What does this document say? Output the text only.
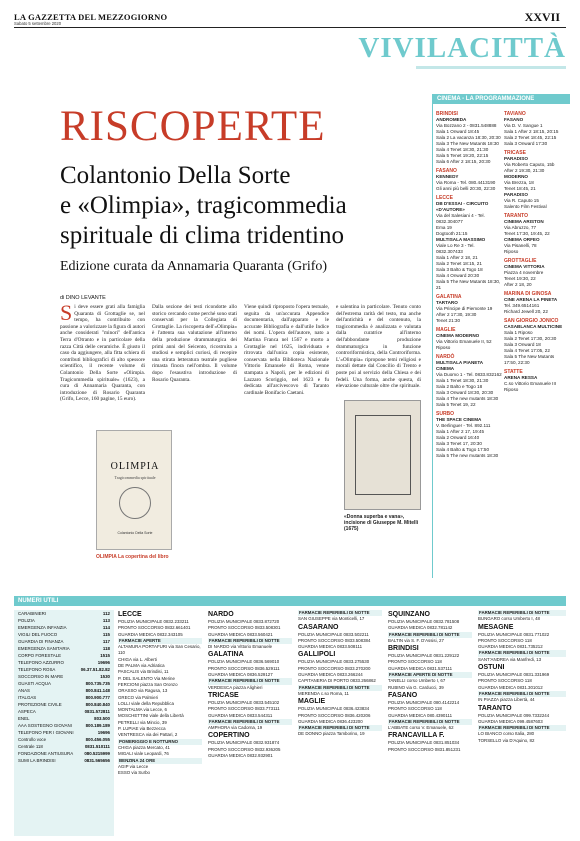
LA GAZZETTA DEL MEZZOGIORNO
Sabato 5 settembre 2020	XXVII
VIVILACITTÀ
RISCOPERTE
Colantonio Della Sorte
e «Olimpia», tragicommedia
spirituale di clima tridentino
Edizione curata da Annamaria Quaranta (Grifo)
di DINO LEVANTE
Si deve essere grati alla famiglia Quaranta di Grottaglie se, nel tempo, ha contribuito con passione a valorizzare la figura di autori anche considerati "minori" dell'antica Terra d'Otranto e in particolare della razza Città delle ceramiche. È giusto il caso da aggiungere, alla fitta schiera di contributi bibliografici di alto spessore scientifico, il recente volume di Colantonio Della Sorte «Olimpia. Tragicommedia spirituale» (1623), a cura di Annamaria Quaranta, con introduzione di Rosario Quaranta (Grifo, Lecce, 160 pagine, 15 euro).
Dalla sezione dei testi ricondotte allo storico cercando come perché sono stati conservati per la Collegiata di Grottaglie. La riscoperta dell'«Olimpia» è l'attenta sua valutazione all'interno della produzione drammaturgica dei primi anni del Seicento, ricostruita a studiosi e semplici curiosi, di recepire una stirata letteratura teatrale pugliese rimasta finora nell'ombra. Il volume dopo l'esaustiva introduzione di Rosario Quaranta.
Viene quindi riproposto l'opera testuale, seguita da un'accurata Appendice documentaria, dall'apparato e le accurate Bibliografia e dall'utile Indice dei nomi. L'opera dell'autore, nato a Martina Franca nel 1567 e morto a Grottaglie nel 1625, individuata e ritrovata dall'unica copia esistente, conservata nella Biblioteca Nazionale Vittorio Emanuele di Roma, venne stampata a Napoli, per le edizioni di Lazzaro Scoriggio, nel 1623 e fu dedicata all'arcivescovo di Taranto cardinale Bonifacio Caetani.
e salentina in particolare. Tenuto conto dell'estrema rarità del testo, ma anche dell'antichità e del contenuto, la tragicommedia è analizzata e valutata dalla curatrice all'interno dell'abbondante produzione drammaturgica in funzione controriformistica, della Controriforma. L'«Olimpia» ripropone temi religiosi e morali dettate dal Concilio di Trento e poste poi al servizio della Chiesa e dei fedeli. Una forma, anche questa, di elevazione culturale oltre che spirituale.
OLIMPIA
Tragicommedia spirituale
Colantonio Della Sorte
OLIMPIA La copertina del libro
«Donna superba e vana», incisione di Giuseppe M. Mitelli (1675)
CINEMA - LA PROGRAMMAZIONE
BRINDISI
ANDROMEDA
Via Bozzano 2 - 0831.548888
Sala 1 Onward 18:45
Sala 2 La vacanza 18:30, 20:30
Sala 3 The New Mutants 18:30
Sala 4 Tenet 18:30, 21:30
Sala 5 Tenet 19:20, 22:15
Sala 6 After 2 18:15, 20:30
FASANO
KENNEDY
Via Roma - Tel. 080.4413190
Gli anni più belli 20:30, 22:30
LECCE
DB D'ESSAI - CIRCUITO «D'AUTORE»
Via del Salesiani 4 - Tel. 0832.304077
Ema 19
Dogtooth 21:15
MULTISALA MASSIMO
Viale Lo Re 3 - Tel. 0832.307433
Sala 1 After 2 18, 21
Sala 2 Tenet 18:15, 21
Sala 3 Balto & Togo 18
Sala 4 Onward 20:30
Sala 5 The New Mutants 18:30, 21
GALATINA
TARTARO
Via Principe di Piemonte 19
After 2 17:30, 19:30
Tenet 21:30
MAGLIE
CINEMA MODERNO
Via Vittorio Emanuele II, 52
Riposo
NARDÒ
MULTISALA PIANETA CINEMA
Via Duomo 1 - Tel. 0833.832162
Sala 1 Tenet 18:30, 21:30
Sala 2 Balto e Togo 18
Sala 3 Onward 18:30, 20:30
Sala 4 The new mutants 18:30
Sala 5 Tenet 19, 22
SURBO
THE SPACE CINEMA
V. Berlinguer - Tel. 892.111
Sala 1 After 2 17, 19:45
Sala 2 Onward 16:40
Sala 3 Tenet 17, 20:30
Sala 4 Balto & Togo 17:50
Sala 5 The new mutants 18:30
TAVIANO
FASANO
Via D. V. Sangue 1
Sala 1 After 2 18:15, 20:15
Sala 2 Tenet 18:45, 22:15
Sala 3 Onward 17:30
TRICASE
PARADISO
Via Roberto Caputo, 15b
After 2 19:30, 21:30
MODERNO
Via Brezza, 18
Tenet 18:45, 21
PARADISO
Via R. Caputo 15
Salento Film Festival
TARANTO
CINEMA ARISTON
Via Abruzzo, 77
Tenet 17:30, 19:45, 22
CINEMA ORFEO
Via Pisanelli, 78
Riposo
GROTTAGLIE
CINEMA VITTORIA
Piazza 4 novembre
Tenet 19:30, 22
After 2 18, 20
MARINA DI GINOSA
CINE ARENA LA PINETA
Tel. 349.6514161
Richard Jewell 20, 22
SAN GIORGIO JONICO
CASABLANCA MULTICINE
Sala 1 Riposo
Sala 2 Tenet 17:30, 20:30
Sala 3 Onward 18
Sala 4 Tenet 17:05, 22
Sala 5 The New Mutants 17:50, 22:30
STATTE
ARENA RESSA
C.so Vittorio Emanuele III
Riposo
NUMERI UTILI
CARABINIERI	112
POLIZIA	113
EMERGENZA INFANZIA	114
VIGILI DEL FUOCO	115
GUARDIA DI FINANZA	117
EMERGENZA SANITARIA	118
CORPO FORESTALE	1515
TELEFONO AZZURRO	19696
TELEFONO ROSA	06.37.51.82.82
SOCCORSO IN MARE	1530
GUASTI ACQUA	800.735.735
ANAS	800.841.148
ITALGAS	800.900.777
PROTEZIONE CIVILE	800.840.840
ASPECA	0831.572811
ENEL	803.500
AAA SOSTEGNO GIOVANI	800.189.189
TELEFONO PER I GIOVANI	19696
Controllo voce	800.456.055
Centrale 118	0831.510111
FONDAZIONE ANTIUSURA	080.5215999
SUMI LA BRINDISI	0831.565656
LECCE
POLIZIA MUNICIPALE 0832.233211
PRONTO SOCCORSO 0832.661401
GUARDIA MEDICA 0832.343105
FARMACIE APERTE
ALTAMURA PORTAFURI via San Cesario, 110
CHIGA via L. Alberti
DE PALMA via Adriatica
PASCALIS via Brindisi, 11
P. DEL SALENTO Via Merine
FERCIONI piazza San Oronzo
ORASSO via Ragusa, 13
GRECO via Palmieri
LOLLI viale della Repubblica
MONTALMA via Lecce, 6
MOSCHETTINI viale della Libertà
PETRELLI via Mincio, 39
P. LUPIAE via Bezzecca
VENTRESCA via dei Pattari, 2
POMERIGGIO E NOTTURNO
CHIGA piazza Mercato, 41
MIGALI viale Leopardi, 76
BENZINA 24 ORE
AGIP via Lecce
ESSO via Surbo
NARDÒ
POLIZIA MUNICIPALE 0833.872720
PRONTO SOCCORSO 0833.508301
GUARDIA MEDICA 0833.560421
FARMACIE REPERIBILI DI NOTTE
DI NARDO via Vittorio Emanuele
GALATINA
POLIZIA MUNICIPALE 0836.569010
PRONTO SOCCORSO 0836.529111
GUARDIA MEDICA 0836.529127
FARMACIE REPERIBILI DI NOTTE
VERDESCA piazza Alighieri
TRICASE
POLIZIA MUNICIPALE 0833.545102
PRONTO SOCCORSO 0833.773111
GUARDIA MEDICA 0833.544311
FARMACIE REPERIBILI DI NOTTE
AMPHORA via Cadorna, 19
COPERTINO
POLIZIA MUNICIPALE 0832.931874
PRONTO SOCCORSO 0832.936205
GUARDIA MEDICA 0832.932901
FARMACIE REPERIBILI DI NOTTE
SAN GIUSEPPE via Monticelli, 17
CASARANO
POLIZIA MUNICIPALE 0833.502211
PRONTO SOCCORSO 0833.508384
GUARDIA MEDICA 0833.508111
GALLIPOLI
POLIZIA MUNICIPALE 0833.275530
PRONTO SOCCORSO 0833.270200
GUARDIA MEDICA 0833.266244
CAPITANERIA DI PORTO 0833.266862
FARMACIE REPERIBILI DI NOTTE
MERENDA c.so Roma, 11
MAGLIE
POLIZIA MUNICIPALE 0836.423834
PRONTO SOCCORSO 0836.420206
GUARDIA MEDICA 0836.423200
FARMACIE REPERIBILI DI NOTTE
DE DONNO piazza Tamborino, 19
SQUINZANO
POLIZIA MUNICIPALE 0832.781508
GUARDIA MEDICA 0832.781142
FARMACIE REPERIBILI DI NOTTE
BALTIN via S. F. D'Assisi, 27
BRINDISI
POLIZIA MUNICIPALE 0831.229122
PRONTO SOCCORSO 118
GUARDIA MEDICA 0831.537111
FARMACIE APERTE DI NOTTE
TANELLI corso Umberto I, 67
RUBINO via G. Carducci, 39
FASANO
POLIZIA MUNICIPALE 080.4142214
PRONTO SOCCORSO 118
GUARDIA MEDICA 080.4390111
FARMACIE REPERIBILI DI NOTTE
L'ABBATE corso V. Emanuele, 62
FRANCAVILLA F.
POLIZIA MUNICIPALE 0831.851034
PRONTO SOCCORSO 0831.851231
FARMACIE REPERIBILI DI NOTTE
BUNGARO corso Umberto I, 48
MESAGNE
POLIZIA MUNICIPALE 0831.771022
PRONTO SOCCORSO 118
GUARDIA MEDICA 0831.735212
FARMACIE REPERIBILI DI NOTTE
SANT'ANDREA via Manfredi, 13
OSTUNI
POLIZIA MUNICIPALE 0831.331969
PRONTO SOCCORSO 118
GUARDIA MEDICA 0831.301012
FARMACIE REPERIBILI DI NOTTE
IN PIAZZA piazza Libertà, 44
TARANTO
POLIZIA MUNICIPALE 099.7332244
GUARDIA MEDICA 099.4587603
FARMACIE REPERIBILI DI NOTTE
LO BIANCO corso Italia, 280
TORSELLO via D'Aquino, 82
